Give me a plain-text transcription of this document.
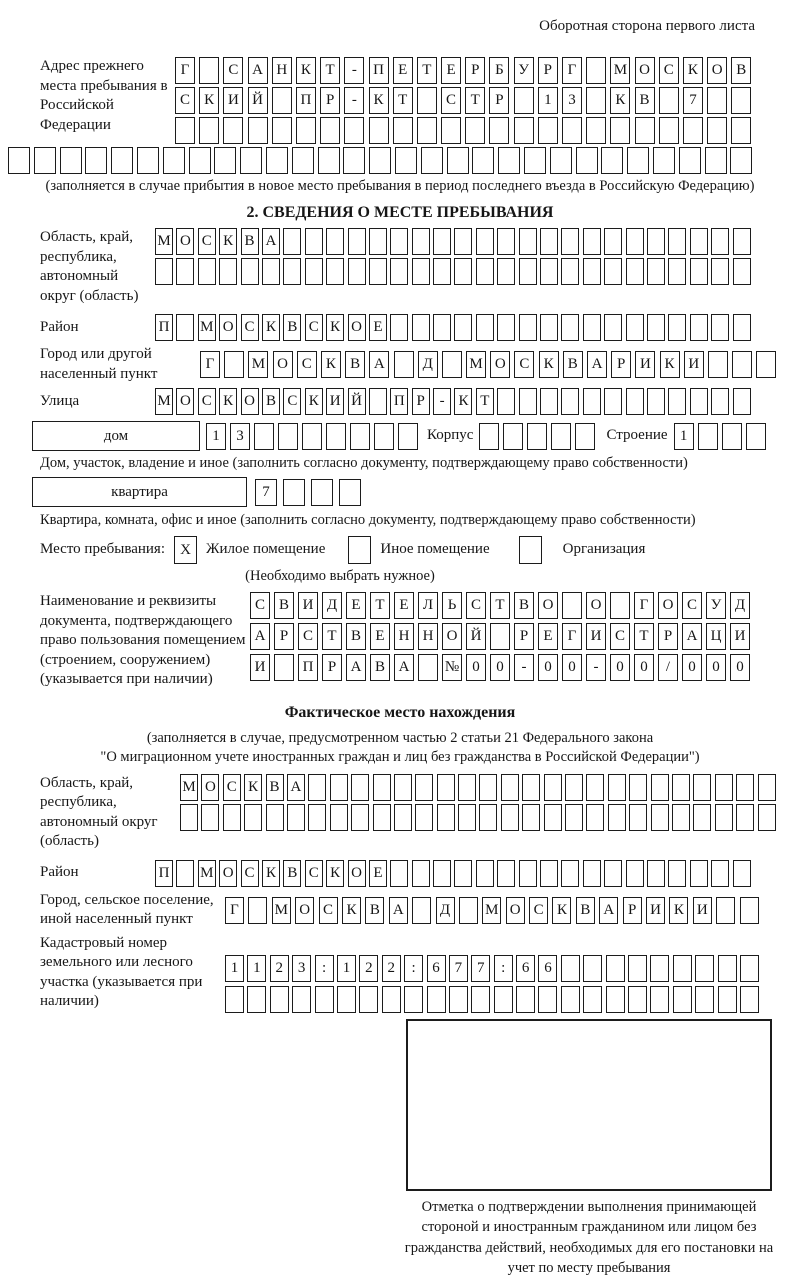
Оборотная сторона первого листа
Адрес прежнего места пребывания в Российской Федерации
Г	С А Н К Т	-	П Е	Т	Е	Р	Б У Р	Г	М О С К О В
С К И Й	П Р	-	К Т	С Т	Р	1	3	К В	7
(заполняется в случае прибытия в новое место пребывания в период последнего въезда в Российскую Федерацию)
2. СВЕДЕНИЯ О МЕСТЕ ПРЕБЫВАНИЯ
Область, край, республика, автономный округ (область)
М О С К В А
Район	П М О С К В С К О Е
Город или другой населенный пункт
Г	М О С К В А	Д	М О С К В А Р И К И
Улица	М О С К О В С К И Й П Р - К Т
дом	1	3	Корпус	Строение 1
Дом, участок, владение и иное (заполнить согласно документу, подтверждающему право собственности)
квартира	7
Квартира, комната, офис и иное (заполнить согласно документу, подтверждающему право собственности)
Место пребывания:	X	Жилое помещение	Иное помещение	Организация
(Необходимо выбрать нужное)
Наименование и реквизиты документа, подтверждающего право пользования помещением (строением, сооружением) (указывается при наличии)
С В И Д Е Т Е Л Ь С Т В О	О	Г О С У Д
А Р С Т В Е Н Н О Й	Р	Е	Г И С Т	Р А Ц И
И	П Р А В А	№ 0	0	-	0	0	-	0	0	/	0	0	0
Фактическое место нахождения
(заполняется в случае, предусмотренном частью 2 статьи 21 Федерального закона
"О миграционном учете иностранных граждан и лиц без гражданства в Российской Федерации")
Область, край, республика, автономный округ (область)
М О С К В А
Район	П М О С К В С К О Е
Город, сельское поселение, иной населенный пункт
Г	М О С К В А Д М О С К В А Р И К И
Кадастровый номер земельного или лесного участка (указывается при наличии)
1 1 2 3	:	1 2 2	:	6 7 7	:	6 6
Отметка о подтверждении выполнения принимающей стороной и иностранным гражданином или лицом без гражданства действий, необходимых для его постановки на учет по месту пребывания
